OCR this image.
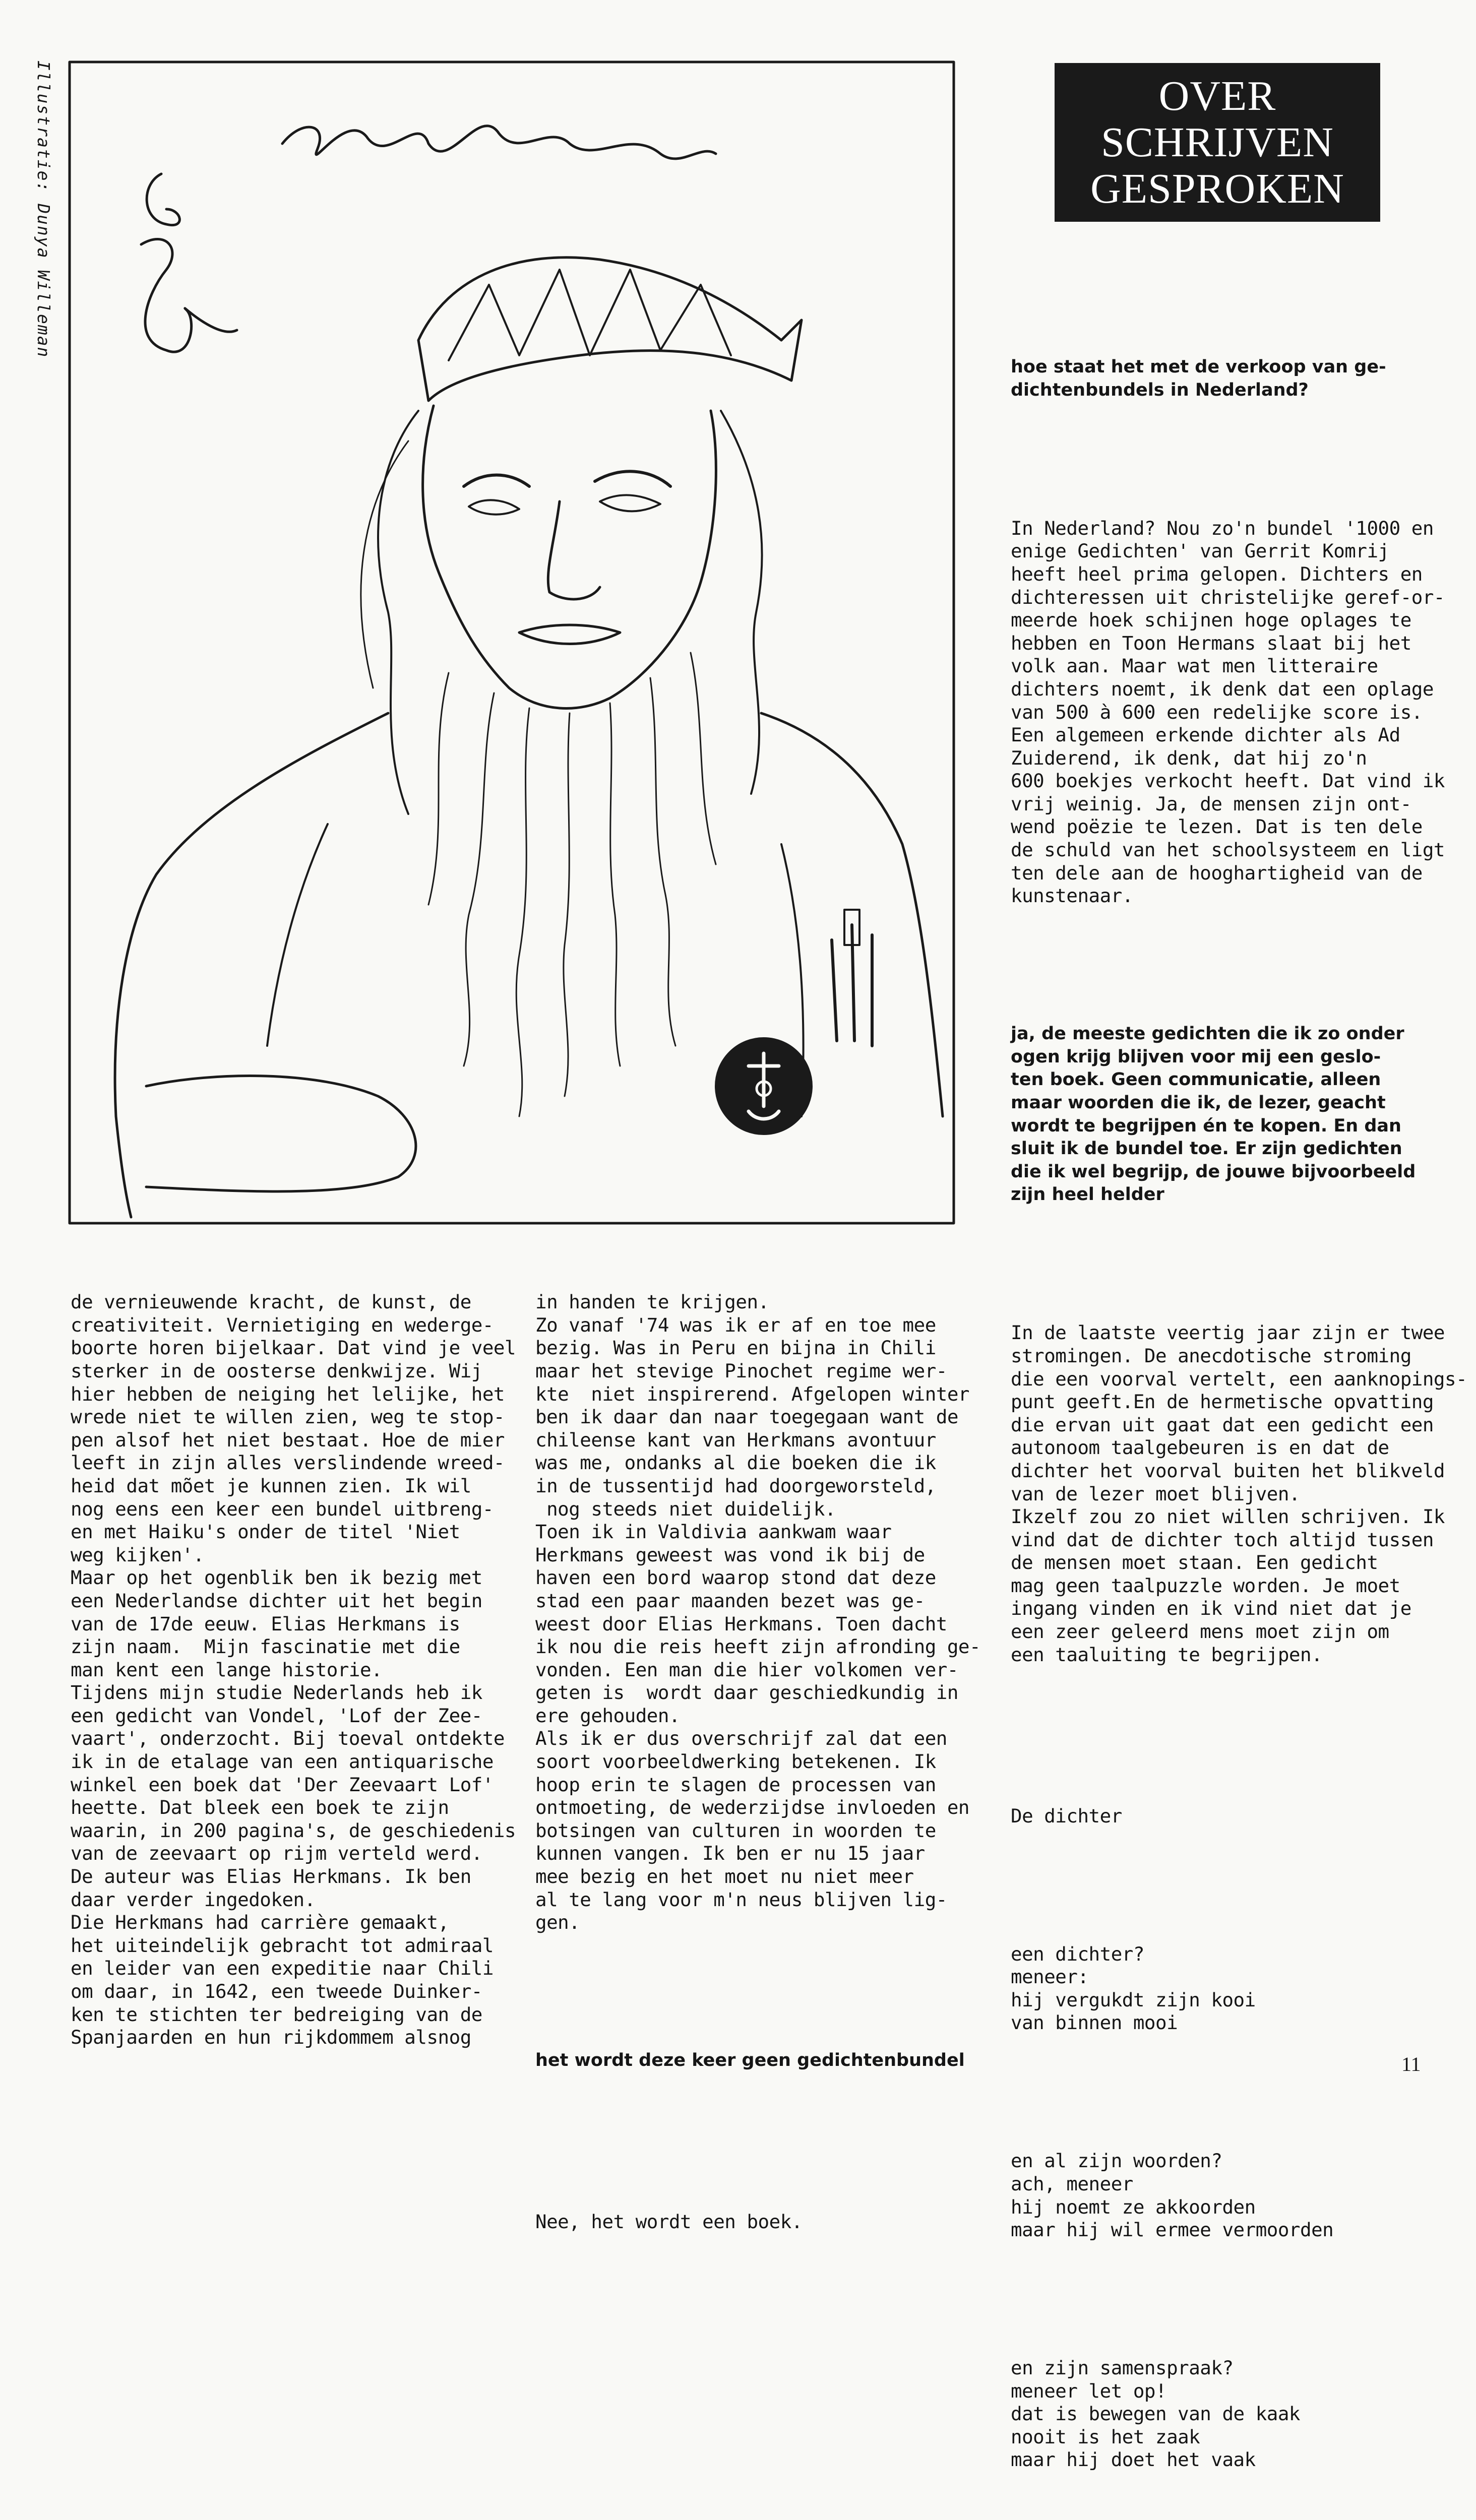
Illustratie: Dunya Willeman	OVER
SCHRIJVEN
GESPROKEN

hoe staat het met de verkoop van ge-
dichtenbundels in Nederland?

In Nederland? Nou zo'n bundel '1000 en
enige Gedichten' van Gerrit Komrij
heeft heel prima gelopen. Dichters en
dichteressen uit christelijke geref-or-
meerde hoek schijnen hoge oplages te
hebben en Toon Hermans slaat bij het
volk aan. Maar wat men litteraire
dichters noemt, ik denk dat een oplage
van 500 à 600 een redelijke score is.
Een algemeen erkende dichter als Ad
Zuiderend, ik denk, dat hij zo'n
600 boekjes verkocht heeft. Dat vind ik
vrij weinig. Ja, de mensen zijn ont-
wend poëzie te lezen. Dat is ten dele
de schuld van het schoolsysteem en ligt
ten dele aan de hooghartigheid van de
kunstenaar.

ja, de meeste gedichten die ik zo onder
ogen krijg blijven voor mij een geslo-
ten boek. Geen communicatie, alleen
maar woorden die ik, de lezer, geacht
wordt te begrijpen én te kopen. En dan
sluit ik de bundel toe. Er zijn gedichten
die ik wel begrijp, de jouwe bijvoorbeeld
zijn heel helder

In de laatste veertig jaar zijn er twee
stromingen. De anecdotische stroming
die een voorval vertelt, een aanknopings-
punt geeft.En de hermetische opvatting
die ervan uit gaat dat een gedicht een
autonoom taalgebeuren is en dat de
dichter het voorval buiten het blikveld
van de lezer moet blijven.
Ikzelf zou zo niet willen schrijven. Ik
vind dat de dichter toch altijd tussen
de mensen moet staan. Een gedicht
mag geen taalpuzzle worden. Je moet
ingang vinden en ik vind niet dat je
een zeer geleerd mens moet zijn om
een taaluiting te begrijpen.

De dichter

een dichter?
meneer:
hij vergukdt zijn kooi
van binnen mooi

en al zijn woorden?
ach, meneer
hij noemt ze akkoorden
maar hij wil ermee vermoorden

en zijn samenspraak?
meneer let op!
dat is bewegen van de kaak
nooit is het zaak
maar hij doet het vaak

de vernieuwende kracht, de kunst, de
creativiteit. Vernietiging en wederge-
boorte horen bijelkaar. Dat vind je veel
sterker in de oosterse denkwijze. Wij
hier hebben de neiging het lelijke, het
wrede niet te willen zien, weg te stop-
pen alsof het niet bestaat. Hoe de mier
leeft in zijn alles verslindende wreed-
heid dat mõet je kunnen zien. Ik wil
nog eens een keer een bundel uitbreng-
en met Haiku's onder de titel 'Niet
weg kijken'.
Maar op het ogenblik ben ik bezig met
een Nederlandse dichter uit het begin
van de 17de eeuw. Elias Herkmans is
zijn naam.  Mijn fascinatie met die
man kent een lange historie.
Tijdens mijn studie Nederlands heb ik
een gedicht van Vondel, 'Lof der Zee-
vaart', onderzocht. Bij toeval ontdekte
ik in de etalage van een antiquarische
winkel een boek dat 'Der Zeevaart Lof'
heette. Dat bleek een boek te zijn
waarin, in 200 pagina's, de geschiedenis
van de zeevaart op rijm verteld werd.
De auteur was Elias Herkmans. Ik ben
daar verder ingedoken.
Die Herkmans had carrière gemaakt,
het uiteindelijk gebracht tot admiraal
en leider van een expeditie naar Chili
om daar, in 1642, een tweede Duinker-
ken te stichten ter bedreiging van de
Spanjaarden en hun rijkdommem alsnog

in handen te krijgen.
Zo vanaf '74 was ik er af en toe mee
bezig. Was in Peru en bijna in Chili
maar het stevige Pinochet regime wer-
kte  niet inspirerend. Afgelopen winter
ben ik daar dan naar toegegaan want de
chileense kant van Herkmans avontuur
was me, ondanks al die boeken die ik
in de tussentijd had doorgeworsteld,
nog steeds niet duidelijk.
Toen ik in Valdivia aankwam waar
Herkmans geweest was vond ik bij de
haven een bord waarop stond dat deze
stad een paar maanden bezet was ge-
weest door Elias Herkmans. Toen dacht
ik nou die reis heeft zijn afronding ge-
vonden. Een man die hier volkomen ver-
geten is  wordt daar geschiedkundig in
ere gehouden.
Als ik er dus overschrijf zal dat een
soort voorbeeldwerking betekenen. Ik
hoop erin te slagen de processen van
ontmoeting, de wederzijdse invloeden en
botsingen van culturen in woorden te
kunnen vangen. Ik ben er nu 15 jaar
mee bezig en het moet nu niet meer
al te lang voor m'n neus blijven lig-
gen.

het wordt deze keer geen gedichtenbundel

Nee, het wordt een boek.

11
